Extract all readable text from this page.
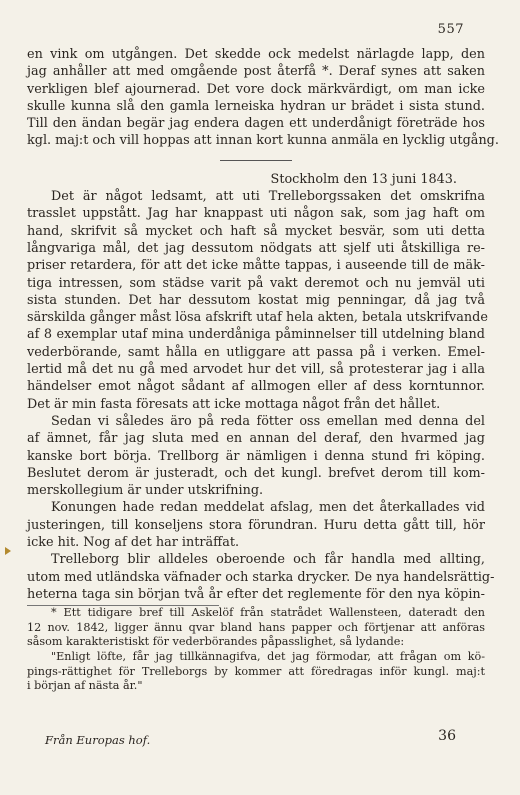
557

en vink om utgången. Det skedde ock medelst närlagde lapp, den
jag anhåller att med omgående post återfå *. Deraf synes att saken
verkligen blef ajournerad. Det vore dock märkvärdigt, om man icke
skulle kunna slå den gamla lerneiska hydran ur brädet i sista stund.
Till den ändan begär jag endera dagen ett underdånigt företräde hos
kgl. maj:t och vill hoppas att innan kort kunna anmäla en lycklig utgång.

Stockholm den 13 juni 1843.
Det är något ledsamt, att uti Trelleborgssaken det omskrifna
trasslet uppstått. Jag har knappast uti någon sak, som jag haft om
hand, skrifvit så mycket och haft så mycket besvär, som uti detta
långvariga mål, det jag dessutom nödgats att sjelf uti åtskilliga re-
priser retardera, för att det icke måtte tappas, i auseende till de mäk-
tiga intressen, som städse varit på vakt deremot och nu jemväl uti
sista stunden. Det har dessutom kostat mig penningar, då jag två
särskilda gånger måst lösa afskrift utaf hela akten, betala utskrifvande
af 8 exemplar utaf mina underdåniga påminnelser till utdelning bland
vederbörande, samt hålla en utliggare att passa på i verken. Emel-
lertid må det nu gå med arvodet hur det vill, så protesterar jag i alla
händelser emot något sådant af allmogen eller af dess korntunnor.
Det är min fasta föresats att icke mottaga något från det hållet.
Sedan vi således äro på reda fötter oss emellan med denna del
af ämnet, får jag sluta med en annan del deraf, den hvarmed jag
kanske bort börja. Trellborg är nämligen i denna stund fri köping.
Beslutet derom är justeradt, och det kungl. brefvet derom till kom-
merskollegium är under utskrifning.
Konungen hade redan meddelat afslag, men det återkallades vid
justeringen, till konseljens stora förundran. Huru detta gått till, hör
icke hit. Nog af det har inträffat.
Trelleborg blir alldeles oberoende och får handla med allting,
utom med utländska väfnader och starka drycker. De nya handelsrättig-
heterna taga sin början två år efter det reglemente för den nya köpin-

* Ett tidigare bref till Askelöf från statrådet Wallensteen, dateradt den
12 nov. 1842, ligger ännu qvar bland hans papper och förtjenar att anföras
såsom karakteristiskt för vederbörandes påpasslighet, så lydande:
"Enligt löfte, får jag tillkännagifva, det jag förmodar, att frågan om kö-
pings-rättighet för Trelleborgs by kommer att föredragas inför kungl. maj:t
i början af nästa år."

Från Europas hof.	36
